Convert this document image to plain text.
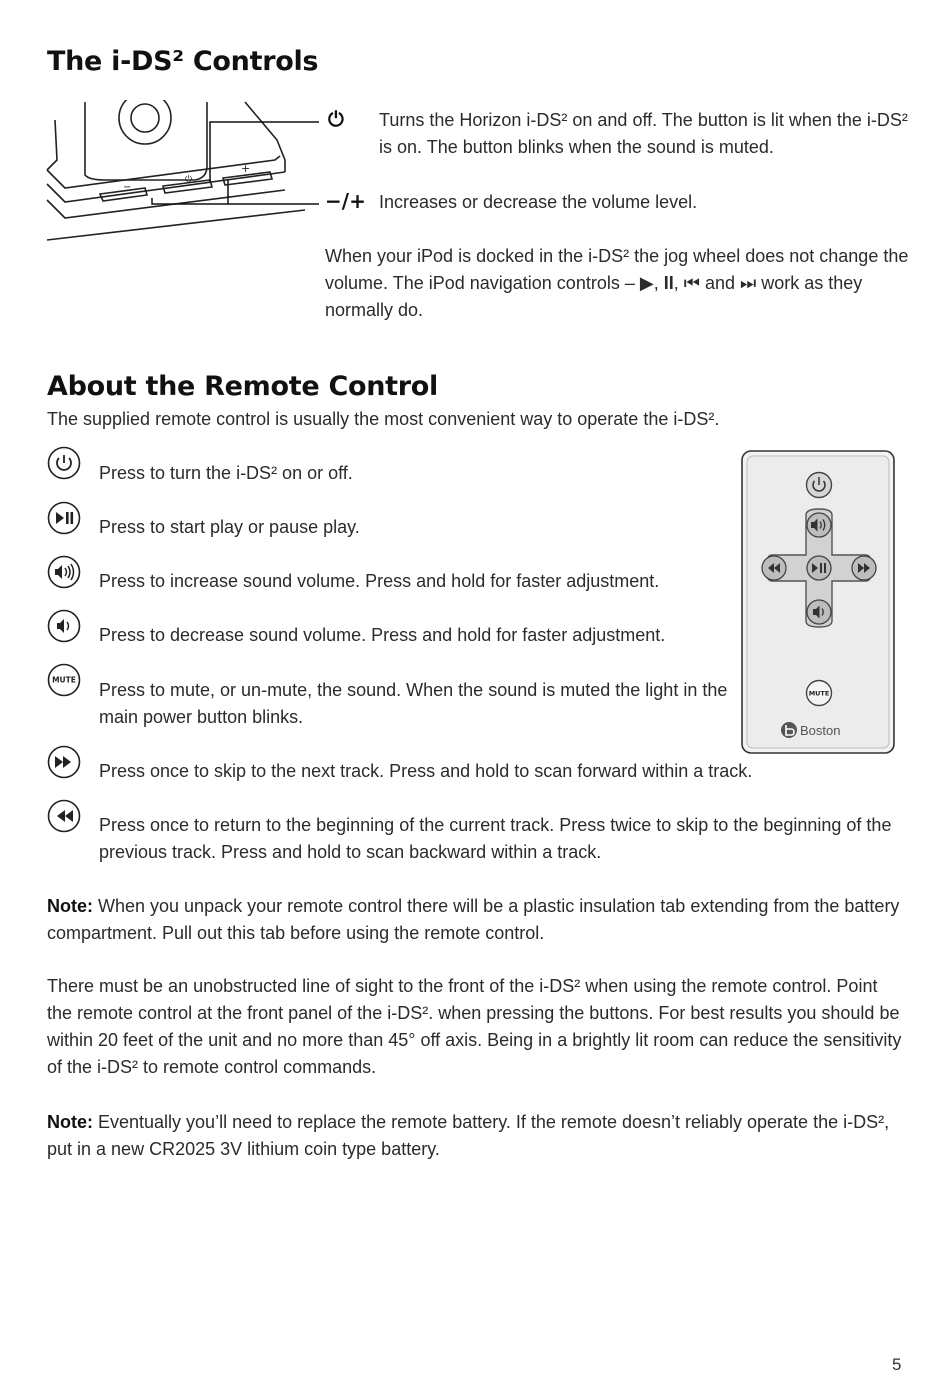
The i-DS² Controls
−
⏻
+
⏻ Turns the Horizon i-DS² on and off. The button is lit when the i-DS² is on. The button blinks when the sound is muted.
−/+ Increases or decrease the volume level.
When your iPod is docked in the i-DS² the jog wheel does not change the volume. The iPod navigation controls – ▶, II, ⏮ and ⏭ work as they normally do.
About the Remote Control
The supplied remote control is usually the most convenient way to operate the i-DS².
Press to turn the i-DS² on or off.
Press to start play or pause play.
Press to increase sound volume. Press and hold for faster adjustment.
Press to decrease sound volume. Press and hold for faster adjustment.
MUTE Press to mute, or un-mute, the sound. When the sound is muted the light in the main power button blinks.
Press once to skip to the next track. Press and hold to scan forward within a track.
Press once to return to the beginning of the current track. Press twice to skip to the beginning of the previous track. Press and hold to scan backward within a track.
MUTE
Boston
Note: When you unpack your remote control there will be a plastic insulation tab extending from the battery compartment. Pull out this tab before using the remote control.
There must be an unobstructed line of sight to the front of the i-DS² when using the remote control. Point the remote control at the front panel of the i-DS². when pressing the buttons. For best results you should be within 20 feet of the unit and no more than 45° off axis. Being in a brightly lit room can reduce the sensitivity of the i-DS² to remote control commands.
Note: Eventually you’ll need to replace the remote battery. If the remote doesn’t reliably operate the i-DS², put in a new CR2025 3V lithium coin type battery.
5
